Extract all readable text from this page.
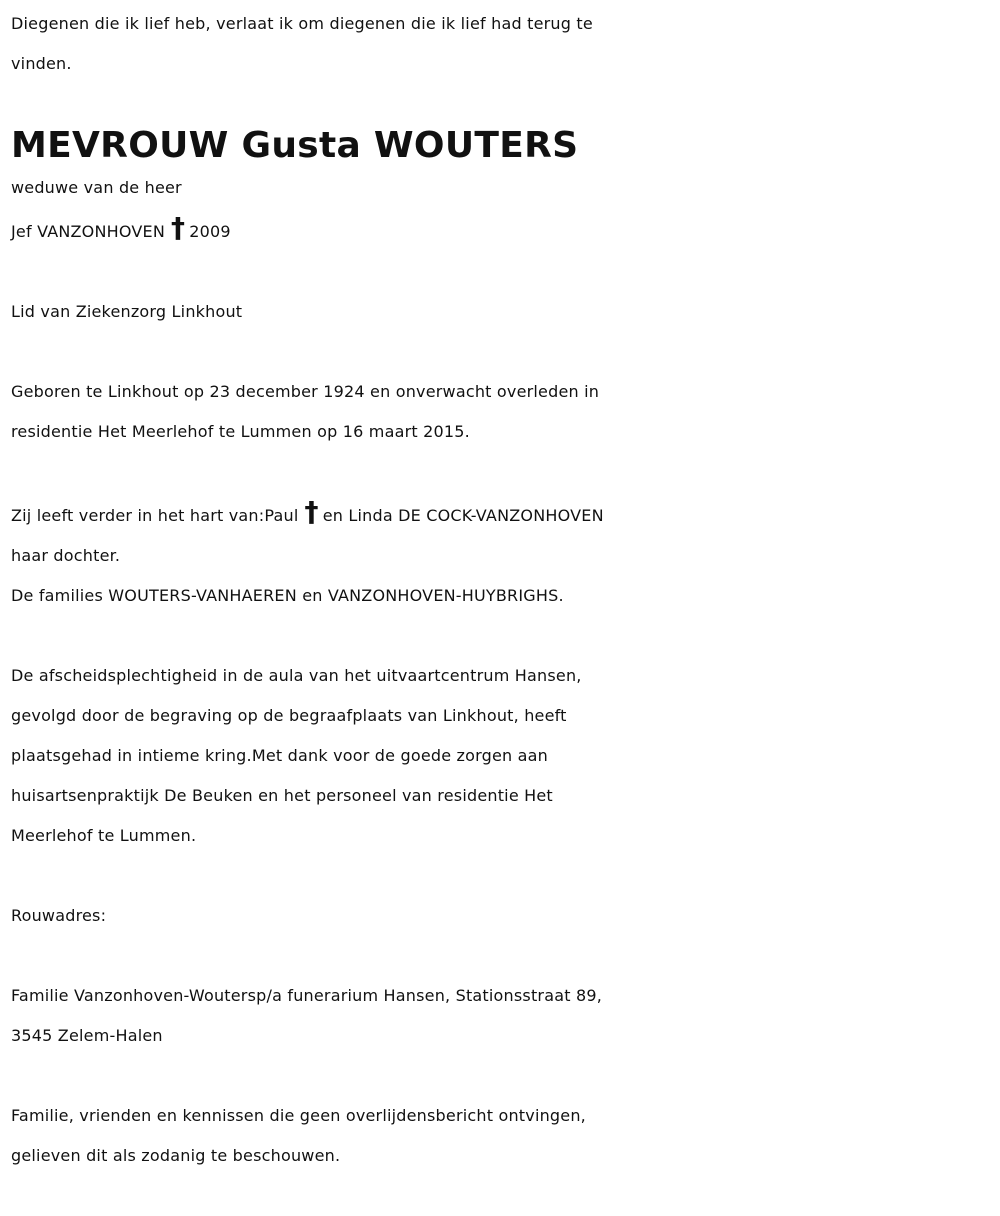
Diegenen die ik lief heb, verlaat ik om diegenen die ik lief had terug te
vinden.
MEVROUW Gusta WOUTERS
weduwe van de heer
Jef VANZONHOVEN † 2009
Lid van Ziekenzorg Linkhout
Geboren te Linkhout op 23 december 1924 en onverwacht overleden in
residentie Het Meerlehof te Lummen op 16 maart 2015.
Zij leeft verder in het hart van:Paul † en Linda DE COCK-VANZONHOVEN
haar dochter.
De families WOUTERS-VANHAEREN en VANZONHOVEN-HUYBRIGHS.
De afscheidsplechtigheid in de aula van het uitvaartcentrum Hansen,
gevolgd door de begraving op de begraafplaats van Linkhout, heeft
plaatsgehad in intieme kring.Met dank voor de goede zorgen aan
huisartsenpraktijk De Beuken en het personeel van residentie Het
Meerlehof te Lummen.
Rouwadres:
Familie Vanzonhoven-Woutersp/a funerarium Hansen, Stationsstraat 89,
3545 Zelem-Halen
Familie, vrienden en kennissen die geen overlijdensbericht ontvingen,
gelieven dit als zodanig te beschouwen.
